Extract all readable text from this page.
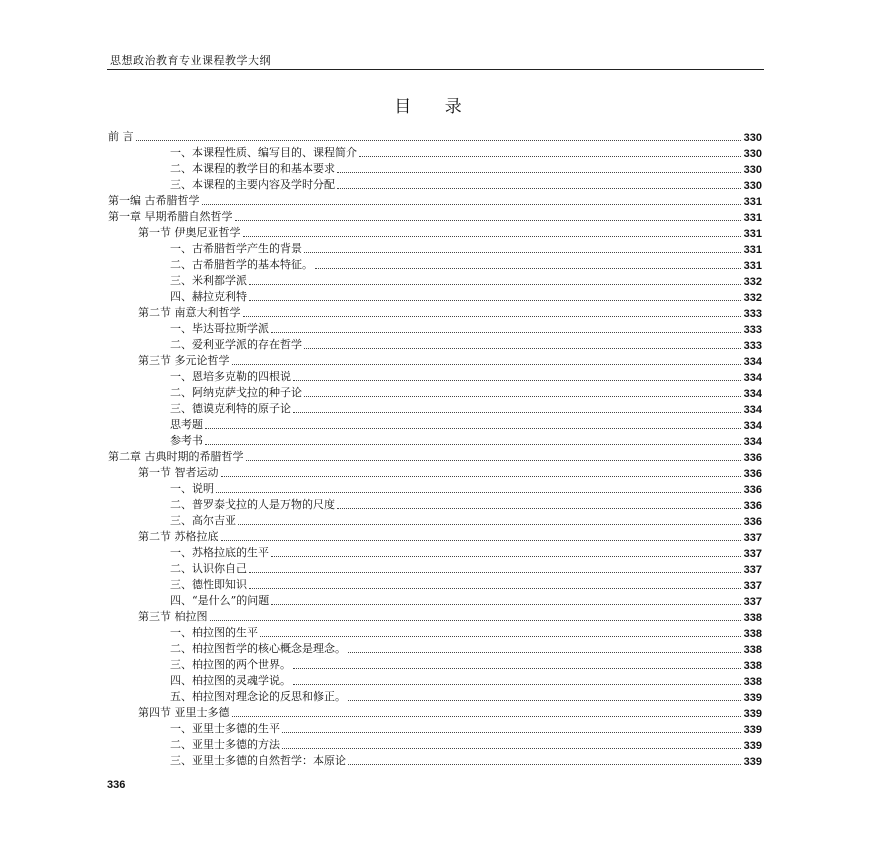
思想政治教育专业课程教学大纲
目 录
前 言	330
一、本课程性质、编写目的、课程简介	330
二、本课程的教学目的和基本要求	330
三、本课程的主要内容及学时分配	330
第一编 古希腊哲学	331
第一章 早期希腊自然哲学	331
第一节 伊奥尼亚哲学	331
一、古希腊哲学产生的背景	331
二、古希腊哲学的基本特征。	331
三、米利都学派	332
四、赫拉克利特	332
第二节 南意大利哲学	333
一、毕达哥拉斯学派	333
二、爱利亚学派的存在哲学	333
第三节 多元论哲学	334
一、恩培多克勒的四根说	334
二、阿纳克萨戈拉的种子论	334
三、德谟克利特的原子论	334
思考题	334
参考书	334
第二章 古典时期的希腊哲学	336
第一节 智者运动	336
一、说明	336
二、普罗泰戈拉的人是万物的尺度	336
三、高尔吉亚	336
第二节 苏格拉底	337
一、苏格拉底的生平	337
二、认识你自己	337
三、德性即知识	337
四、“是什么”的问题	337
第三节 柏拉图	338
一、柏拉图的生平	338
二、柏拉图哲学的核心概念是理念。	338
三、柏拉图的两个世界。	338
四、柏拉图的灵魂学说。	338
五、柏拉图对理念论的反思和修正。	339
第四节 亚里士多德	339
一、亚里士多德的生平	339
二、亚里士多德的方法	339
三、亚里士多德的自然哲学：本原论	339
336
